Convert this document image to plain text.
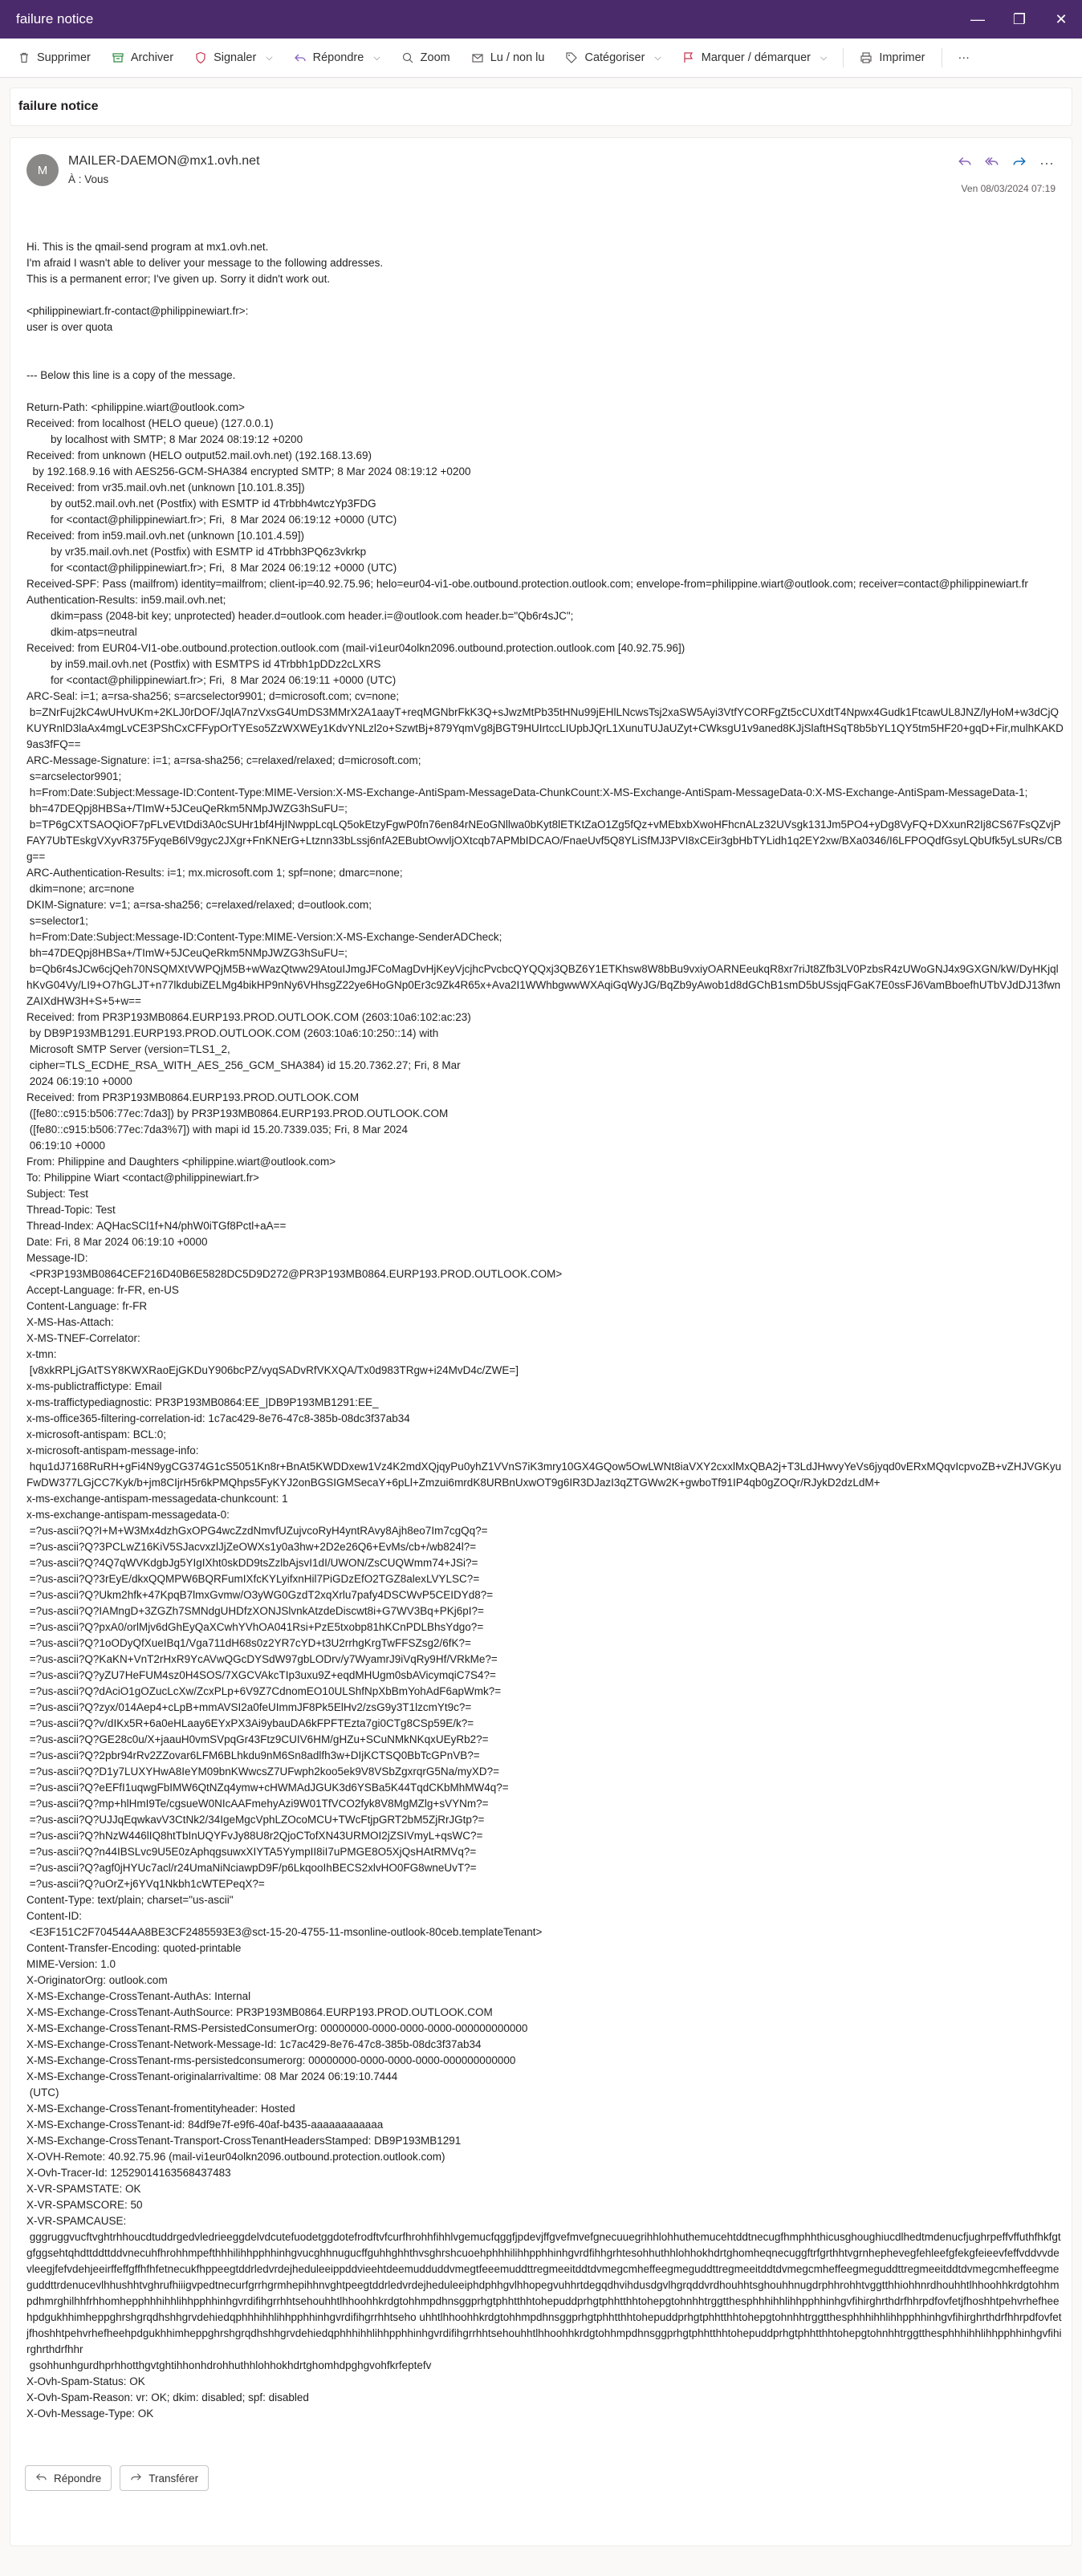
failure notice	—	❐	✕
Supprimer	Archiver	Signaler ⌵	Répondre ⌵	Zoom	Lu / non lu	Catégoriser ⌵	Marquer / démarquer ⌵	Imprimer	···
failure notice
M
MAILER-DAEMON@mx1.ovh.net
À : Vous
···
Ven 08/03/2024 07:19
Hi. This is the qmail-send program at mx1.ovh.net.
I'm afraid I wasn't able to deliver your message to the following addresses.
This is a permanent error; I've given up. Sorry it didn't work out.

<philippinewiart.fr-contact@philippinewiart.fr>:
user is over quota

--- Below this line is a copy of the message.

Return-Path: <philippine.wiart@outlook.com>
Received: from localhost (HELO queue) (127.0.0.1)
by localhost with SMTP; 8 Mar 2024 08:19:12 +0200
Received: from unknown (HELO output52.mail.ovh.net) (192.168.13.69)
by 192.168.9.16 with AES256-GCM-SHA384 encrypted SMTP; 8 Mar 2024 08:19:12 +0200
Received: from vr35.mail.ovh.net (unknown [10.101.8.35])
by out52.mail.ovh.net (Postfix) with ESMTP id 4Trbbh4wtczYp3FDG
for <contact@philippinewiart.fr>; Fri,  8 Mar 2024 06:19:12 +0000 (UTC)
Received: from in59.mail.ovh.net (unknown [10.101.4.59])
by vr35.mail.ovh.net (Postfix) with ESMTP id 4Trbbh3PQ6z3vkrkp
for <contact@philippinewiart.fr>; Fri,  8 Mar 2024 06:19:12 +0000 (UTC)
Received-SPF: Pass (mailfrom) identity=mailfrom; client-ip=40.92.75.96; helo=eur04-vi1-obe.outbound.protection.outlook.com; envelope-from=philippine.wiart@outlook.com; receiver=contact@philippinewiart.fr
Authentication-Results: in59.mail.ovh.net;
dkim=pass (2048-bit key; unprotected) header.d=outlook.com header.i=@outlook.com header.b="Qb6r4sJC";
dkim-atps=neutral
Received: from EUR04-VI1-obe.outbound.protection.outlook.com (mail-vi1eur04olkn2096.outbound.protection.outlook.com [40.92.75.96])
by in59.mail.ovh.net (Postfix) with ESMTPS id 4Trbbh1pDDz2cLXRS
for <contact@philippinewiart.fr>; Fri,  8 Mar 2024 06:19:11 +0000 (UTC)
ARC-Seal: i=1; a=rsa-sha256; s=arcselector9901; d=microsoft.com; cv=none;
b=ZNrFuj2kC4wUHvUKm+2KLJ0rDOF/JqlA7nzVxsG4UmDS3MMrX2A1aayT+reqMGNbrFkK3Q+sJwzMtPb35tHNu99jEHlLNcwsTsj2xaSW5Ayi3VtfYCORFgZt5cCUXdtT4Npwx4Gudk1FtcawUL8JNZ/lyHoM+w3dCjQKUYRnlD3laAx4mgLvCE3PShCxCFFypOrTYEso5ZzWXWEy1KdvYNLzl2o+SzwtBj+879YqmVg8jBGT9HUIrtccLIUpbJQrL1XunuTUJaUZyt+CWksgU1v9aned8KJjSlaftHSqT8b5bYL1QY5tm5HF20+gqD+Fir,mulhKAKD9as3fFQ==
ARC-Message-Signature: i=1; a=rsa-sha256; c=relaxed/relaxed; d=microsoft.com;
s=arcselector9901;
h=From:Date:Subject:Message-ID:Content-Type:MIME-Version:X-MS-Exchange-AntiSpam-MessageData-ChunkCount:X-MS-Exchange-AntiSpam-MessageData-0:X-MS-Exchange-AntiSpam-MessageData-1;
bh=47DEQpj8HBSa+/TImW+5JCeuQeRkm5NMpJWZG3hSuFU=;
b=TP6gCXTSAOQiOF7pFLvEVtDdi3A0cSUHr1bf4HjINwppLcqLQ5okEtzyFgwP0fn76en84rNEoGNllwa0bKyt8lETKtZaO1Zg5fQz+vMEbxbXwoHFhcnALz32UVsgk131Jm5PO4+yDg8VyFQ+DXxunR2Ij8CS67FsQZvjPFAY7UbTEskgVXyvR375FyqeB6lV9gyc2JXgr+FnKNErG+Ltznn33bLssj6nfA2EBubtOwvljOXtcqb7APMbIDCAO/FnaeUvf5Q8YLiSfMJ3PVI8xCEir3gbHbTYLidh1q2EY2xw/BXa0346/I6LFPOQdfGsyLQbUfk5yLsURs/CBg==
ARC-Authentication-Results: i=1; mx.microsoft.com 1; spf=none; dmarc=none;
dkim=none; arc=none
DKIM-Signature: v=1; a=rsa-sha256; c=relaxed/relaxed; d=outlook.com;
s=selector1;
h=From:Date:Subject:Message-ID:Content-Type:MIME-Version:X-MS-Exchange-SenderADCheck;
bh=47DEQpj8HBSa+/TImW+5JCeuQeRkm5NMpJWZG3hSuFU=;
b=Qb6r4sJCw6cjQeh70NSQMXtVWPQjM5B+wWazQtww29AtouIJmgJFCoMagDvHjKeyVjcjhcPvcbcQYQQxj3QBZ6Y1ETKhsw8W8bBu9vxiyOARNEeukqR8xr7riJt8Zfb3LV0PzbsR4zUWoGNJ4x9GXGN/kW/DyHKjqlhKvG04Vy/LI9+O7hGLJT+n77lkdubiZELMg4bikHP9nNy6VHhsgZ22ye6HoGNp0Er3c9Zk4R65x+Ava2I1WWhbgwwWXAqiGqWyJG/BqZb9yAwob1d8dGChB1smD5bUSsjqFGaK7E0ssFJ6VamBboefhUTbVJdDJ13fwnZAIXdHW3H+S+5+w==
Received: from PR3P193MB0864.EURP193.PROD.OUTLOOK.COM (2603:10a6:102:ac:23)
by DB9P193MB1291.EURP193.PROD.OUTLOOK.COM (2603:10a6:10:250::14) with
Microsoft SMTP Server (version=TLS1_2,
cipher=TLS_ECDHE_RSA_WITH_AES_256_GCM_SHA384) id 15.20.7362.27; Fri, 8 Mar
2024 06:19:10 +0000
Received: from PR3P193MB0864.EURP193.PROD.OUTLOOK.COM
([fe80::c915:b506:77ec:7da3]) by PR3P193MB0864.EURP193.PROD.OUTLOOK.COM
([fe80::c915:b506:77ec:7da3%7]) with mapi id 15.20.7339.035; Fri, 8 Mar 2024
06:19:10 +0000
From: Philippine and Daughters <philippine.wiart@outlook.com>
To: Philippine Wiart <contact@philippinewiart.fr>
Subject: Test
Thread-Topic: Test
Thread-Index: AQHacSCl1f+N4/phW0iTGf8Pctl+aA==
Date: Fri, 8 Mar 2024 06:19:10 +0000
Message-ID:
<PR3P193MB0864CEF216D40B6E5828DC5D9D272@PR3P193MB0864.EURP193.PROD.OUTLOOK.COM>
Accept-Language: fr-FR, en-US
Content-Language: fr-FR
X-MS-Has-Attach:
X-MS-TNEF-Correlator:
x-tmn:
[v8xkRPLjGAtTSY8KWXRaoEjGKDuY906bcPZ/vyqSADvRfVKXQA/Tx0d983TRgw+i24MvD4c/ZWE=]
x-ms-publictraffictype: Email
x-ms-traffictypediagnostic: PR3P193MB0864:EE_|DB9P193MB1291:EE_
x-ms-office365-filtering-correlation-id: 1c7ac429-8e76-47c8-385b-08dc3f37ab34
x-microsoft-antispam: BCL:0;
x-microsoft-antispam-message-info:
hqu1dJ7168RuRH+gFi4N9ygCG374G1cS5051Kn8r+BnAt5KWDDxew1Vz4K2mdXQjqyPu0yhZ1VVnS7iK3mry10GX4GQow5OwLWNt8iaVXY2cxxlMxQBA2j+T3LdJHwvyYeVs6jyqd0vERxMQqvIcpvoZB+vZHJVGKyuFwDW377LGjCC7Kyk/b+jm8CIjrH5r6kPMQhps5FyKYJ2onBGSIGMSecaY+6pLl+Zmzui6mrdK8URBnUxwOT9g6IR3DJazI3qZTGWw2K+gwboTf91IP4qb0gZOQr/RJykD2dzLdM+
x-ms-exchange-antispam-messagedata-chunkcount: 1
x-ms-exchange-antispam-messagedata-0:
=?us-ascii?Q?I+M+W3Mx4dzhGxOPG4wcZzdNmvfUZujvcoRyH4yntRAvy8Ajh8eo7Im7cgQq?=
=?us-ascii?Q?3PCLwZ16KiV5SJacvxzlJjZeOWXs1y0a3hw+2D2e26Q6+EvMs/cb+/wb824l?=
=?us-ascii?Q?4Q7qWVKdgbJg5YIgIXht0skDD9tsZzlbAjsvI1dI/UWON/ZsCUQWmm74+JSi?=
=?us-ascii?Q?3rEyE/dkxQQMPW6BQRFumIXfcKYLyifxnHil7PiGDzEfO2TGZ8alexLVYLSC?=
=?us-ascii?Q?Ukm2hfk+47KpqB7lmxGvmw/O3yWG0GzdT2xqXrlu7pafy4DSCWvP5CEIDYd8?=
=?us-ascii?Q?IAMngD+3ZGZh7SMNdgUHDfzXONJSlvnkAtzdeDiscwt8i+G7WV3Bq+PKj6pI?=
=?us-ascii?Q?pxA0/orlMjv6dGhEyQaXCwhYVhOA041Rsi+PzE5txobp81hKCnPDLBhsYdgo?=
=?us-ascii?Q?1oODyQfXueIBq1/Vga711dH68s0z2YR7cYD+t3U2rrhgKrgTwFFSZsg2/6fK?=
=?us-ascii?Q?KaKN+VnT2rHxR9YcAVwQGcDYSdW97gbLODrv/y7WyamrJ9iVqRy9Hf/VRkMe?=
=?us-ascii?Q?yZU7HeFUM4sz0H4SOS/7XGCVAkcTIp3uxu9Z+eqdMHUgm0sbAVicymqiC7S4?=
=?us-ascii?Q?dAciO1gOZucLcXw/ZcxPLp+6V9Z7CdnomEO10ULShfNpXbBmYohAdF6apWmk?=
=?us-ascii?Q?zyx/014Aep4+cLpB+mmAVSI2a0feUImmJF8Pk5ElHv2/zsG9y3T1lzcmYt9c?=
=?us-ascii?Q?v/dIKx5R+6a0eHLaay6EYxPX3Ai9ybauDA6kFPFTEzta7gi0CTg8CSp59E/k?=
=?us-ascii?Q?GE28c0u/X+jaauH0vmSVpqGr43Ftz9CUIV6HM/gHZu+SCuNMkNKqxUEyRb2?=
=?us-ascii?Q?2pbr94rRv2ZZovar6LFM6BLhkdu9nM6Sn8adlfh3w+DIjKCTSQ0BbTcGPnVB?=
=?us-ascii?Q?D1y7LUXYHwA8IeYM09bnKWwcsZ7UFwph2koo5ek9V8VSbZgxrqrG5Na/myXD?=
=?us-ascii?Q?eEFfI1uqwgFbIMW6QtNZq4ymw+cHWMAdJGUK3d6YSBa5K44TqdCKbMhMW4q?=
=?us-ascii?Q?mp+hlHmI9Te/cgsueW0NIcAAFmehyAzi9W01TfVCO2fyk8V8MgMZlg+sVYNm?=
=?us-ascii?Q?UJJqEqwkavV3CtNk2/34IgeMgcVphLZOcoMCU+TWcFtjpGRT2bM5ZjRrJGtp?=
=?us-ascii?Q?hNzW446lIQ8htTbInUQYFvJy88U8r2QjoCTofXN43URMOI2jZSIVmyL+qsWC?=
=?us-ascii?Q?n44IBSLvc9U5E0zAphqgsuwxXIYTA5YympII8iI7uPMGE8O5XjQsHAtRMVq?=
=?us-ascii?Q?agf0jHYUc7acl/r24UmaNiNciawpD9F/p6LkqooIhBECS2xlvHO0FG8wneUvT?=
=?us-ascii?Q?uOrZ+j6YVq1Nkbh1cWTEPeqX?=
Content-Type: text/plain; charset="us-ascii"
Content-ID:
<E3F151C2F704544AA8BE3CF2485593E3@sct-15-20-4755-11-msonline-outlook-80ceb.templateTenant>
Content-Transfer-Encoding: quoted-printable
MIME-Version: 1.0
X-OriginatorOrg: outlook.com
X-MS-Exchange-CrossTenant-AuthAs: Internal
X-MS-Exchange-CrossTenant-AuthSource: PR3P193MB0864.EURP193.PROD.OUTLOOK.COM
X-MS-Exchange-CrossTenant-RMS-PersistedConsumerOrg: 00000000-0000-0000-0000-000000000000
X-MS-Exchange-CrossTenant-Network-Message-Id: 1c7ac429-8e76-47c8-385b-08dc3f37ab34
X-MS-Exchange-CrossTenant-rms-persistedconsumerorg: 00000000-0000-0000-0000-000000000000
X-MS-Exchange-CrossTenant-originalarrivaltime: 08 Mar 2024 06:19:10.7444
(UTC)
X-MS-Exchange-CrossTenant-fromentityheader: Hosted
X-MS-Exchange-CrossTenant-id: 84df9e7f-e9f6-40af-b435-aaaaaaaaaaaa
X-MS-Exchange-CrossTenant-Transport-CrossTenantHeadersStamped: DB9P193MB1291
X-OVH-Remote: 40.92.75.96 (mail-vi1eur04olkn2096.outbound.protection.outlook.com)
X-Ovh-Tracer-Id: 12529014163568437483
X-VR-SPAMSTATE: OK
X-VR-SPAMSCORE: 50
X-VR-SPAMCAUSE:
gggruggvucftvghtrhhoucdtuddrgedvledrieeggdelvdcutefuodetggdotefrodftvfcurfhrohhfihhlvgemucfqggfjpdevjffgvefmvefgnecuuegrihhlohhuthemucehtddtnecugfhmphhthicusghoughiucdlhedtmdenucfjughrpeffvffuthfhkfgtgfggsehtqhdttddttddvnecuhfhrohhmpefthhhilihhpphhinhgvucghhnugucffguhhghhthvsghrshcuoehphhhilihhpphhinhgvrdfihhgrhtesohhuthhlohhokhdrtghomheqnecuggftrfgrthhtvgrnhephevegfehleefgfekgfeieevfeffvddvvdevleegjfefvdehjeeirffeffgffhfhfetnecukfhppeegtddrledvrdejheduleeippddvieehtdeemudduddvmegtfeeemuddttregmeeitddtdvmegcmheffeegmeguddttregmeeitddtdvmegcmheffeegmeguddttregmeeitddtdvmegcmheffeegmeguddttrdenucevlhhushhtvghrufhiiigvpedtnecurfgrrhgrmhepihhnvghtpeegtddrledvrdejheduleeiphdphhgvlhhopegvuhhrtdegqdhvihdusdgvlhgrqddvrdhouhhtsghouhhnugdrphhrohhtvggtthhiohhnrdhouhhtlhhoohhkrdgtohhmpdhmrghilhhfrhhomhepphhhihhlihhpphhinhgvrdifihgrrhhtsehouhhtlhhoohhkrdgtohhmpdhnsggprhgtphhtthhtohepuddprhgtphhtthhtohepgtohnhhtrggtthesphhhihhlihhpphhinhgvfihirghrthdrfhhrpdfovfetjfhoshhtpehvrhefheehpdgukhhimheppghrshgrqdhshhgrvdehiedqphhhihhlihhpphhinhgvrdifihgrrhhtseho uhhtlhhoohhkrdgtohhmpdhnsggprhgtphhtthhtohepuddprhgtphhtthhtohepgtohnhhtrggtthesphhhihhlihhpphhinhgvfihirghrthdrfhhrpdfovfetjfhoshhtpehvrhefheehpdgukhhimheppghrshgrqdhshhgrvdehiedqphhhihhlihhpphhinhgvrdifihgrrhhtsehouhhtlhhoohhkrdgtohhmpdhnsggprhgtphhtthhtohepuddprhgtphhtthhtohepgtohnhhtrggtthesphhhihhlihhpphhinhgvfihirghrthdrfhhr
gsohhunhgurdhprhhotthgvtghtihhonhdrohhuthhlohhokhdrtghomhdpghgvohfkrfeptefv
X-Ovh-Spam-Status: OK
X-Ovh-Spam-Reason: vr: OK; dkim: disabled; spf: disabled
X-Ovh-Message-Type: OK
Répondre	Transférer
